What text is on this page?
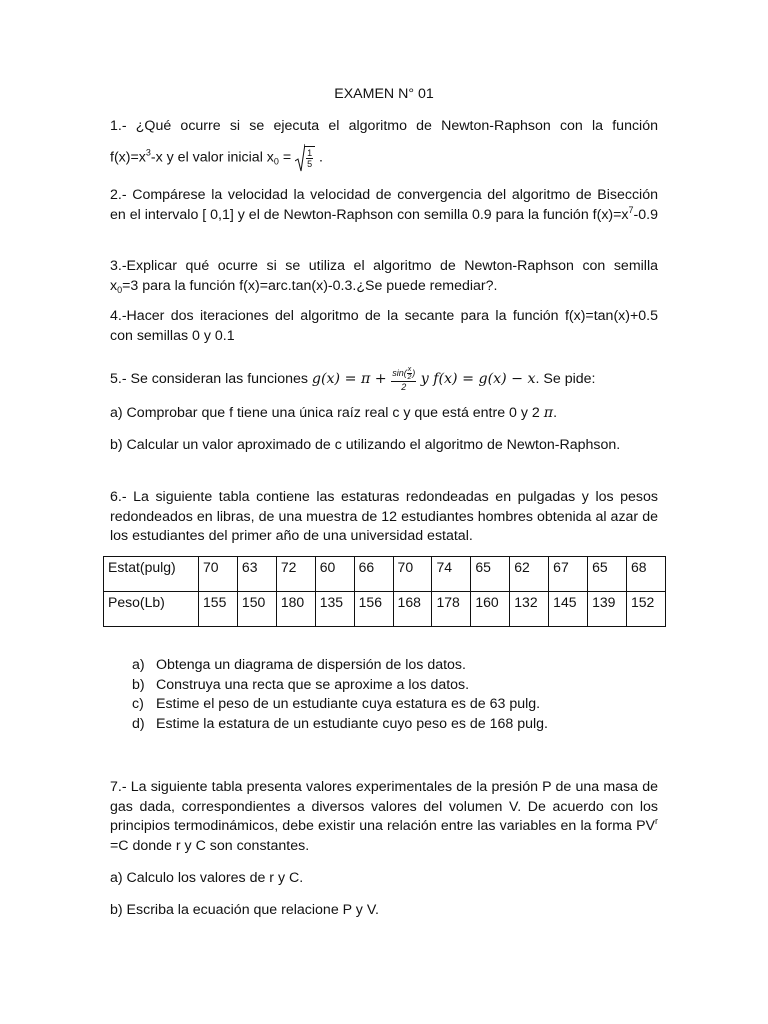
EXAMEN N° 01
1.- ¿Qué ocurre si se ejecuta el algoritmo de Newton-Raphson con la función
$f(x)=x^3-x$ y el valor inicial $x_0 = \frac{1}{5}$ .
2.- Compárese la velocidad la velocidad de convergencia del algoritmo de Bisección en el intervalo [ 0,1] y el de Newton-Raphson con semilla 0.9 para la función $f(x)=x^7-0.9$
3.-Explicar qué ocurre si se utiliza el algoritmo de Newton-Raphson con semilla
$x_0=3$ para la función f(x)=arc.tan(x)-0.3.¿Se puede remediar?.
4.-Hacer dos iteraciones del algoritmo de la secante para la función f(x)=tan(x)+0.5 con semillas 0 y 0.1
5.- Se consideran las funciones $g(x) = \pi + \frac{\sin( \frac{x}{2} )}{2}$ y f(x) = g(x) − x. Se pide:
a) Comprobar que f tiene una única raíz real c y que está entre 0 y 2 π.
b) Calcular un valor aproximado de c utilizando el algoritmo de Newton-Raphson.
6.- La siguiente tabla contiene las estaturas redondeadas en pulgadas y los pesos redondeados en libras, de una muestra de 12 estudiantes hombres obtenida al azar de los estudiantes del primer año de una universidad estatal.
Estat(pulg)	70	63	72	60	66	70	74	65	62	67	65	68
Peso(Lb)	155	150	180	135	156	168	178	160	132	145	139	152
a) Obtenga un diagrama de dispersión de los datos.
b) Construya una recta que se aproxime a los datos.
c) Estime el peso de un estudiante cuya estatura es de 63 pulg.
d) Estime la estatura de un estudiante cuyo peso es de 168 pulg.
7.- La siguiente tabla presenta valores experimentales de la presión P de una masa de gas dada, correspondientes a diversos valores del volumen V. De acuerdo con los principios termodinámicos, debe existir una relación entre las variables en la forma $PV^r =C$ donde r y C son constantes.
a) Calculo los valores de r y C.
b) Escriba la ecuación que relacione P y V.
